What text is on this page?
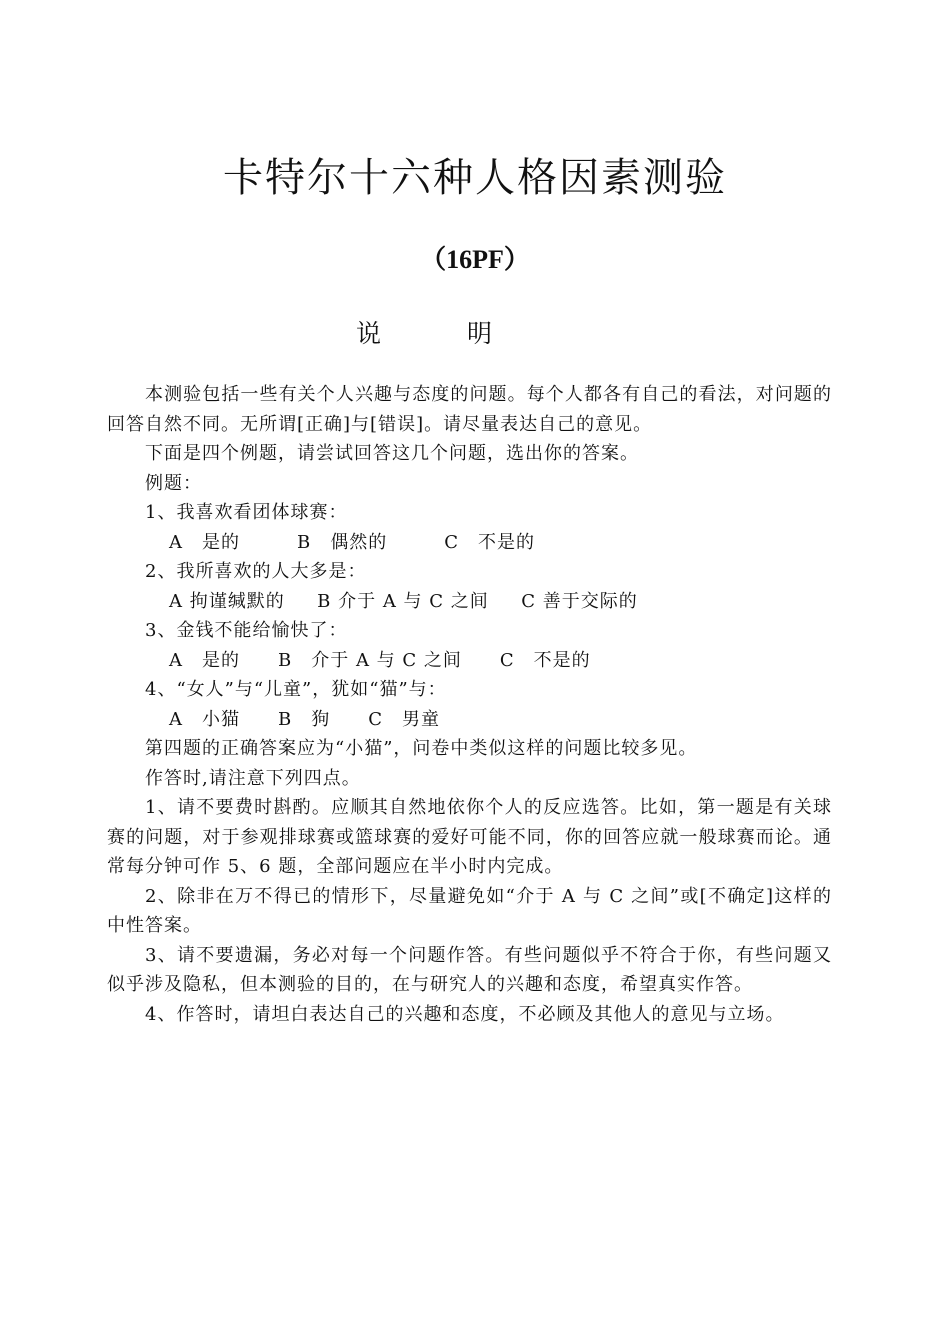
卡特尔十六种人格因素测验
（16PF）
说	明

本测验包括一些有关个人兴趣与态度的问题。每个人都各有自己的看法，对问题的回答自然不同。无所谓[正确]与[错误]。请尽量表达自己的意见。

下面是四个例题，请尝试回答这几个问题，选出你的答案。

例题：

1、我喜欢看团体球赛：

A　是的　　　B　偶然的　　　C　不是的

2、我所喜欢的人大多是：

A 拘谨缄默的　  B 介于 A 与 C 之间　  C 善于交际的

3、金钱不能给愉快了：

A　是的　　B　介于 A 与 C 之间　　C　不是的

4、“女人”与“儿童”，犹如“猫”与：

A　小猫　　B　狗　　C　男童

第四题的正确答案应为“小猫”，问卷中类似这样的问题比较多见。

作答时,请注意下列四点。

1、请不要费时斟酌。应顺其自然地依你个人的反应选答。比如，第一题是有关球赛的问题，对于参观排球赛或篮球赛的爱好可能不同，你的回答应就一般球赛而论。通常每分钟可作 5、6 题，全部问题应在半小时内完成。

2、除非在万不得已的情形下，尽量避免如“介于 A 与 C 之间”或[不确定]这样的中性答案。

3、请不要遗漏，务必对每一个问题作答。有些问题似乎不符合于你，有些问题又似乎涉及隐私，但本测验的目的，在与研究人的兴趣和态度，希望真实作答。

4、作答时，请坦白表达自己的兴趣和态度，不必顾及其他人的意见与立场。
